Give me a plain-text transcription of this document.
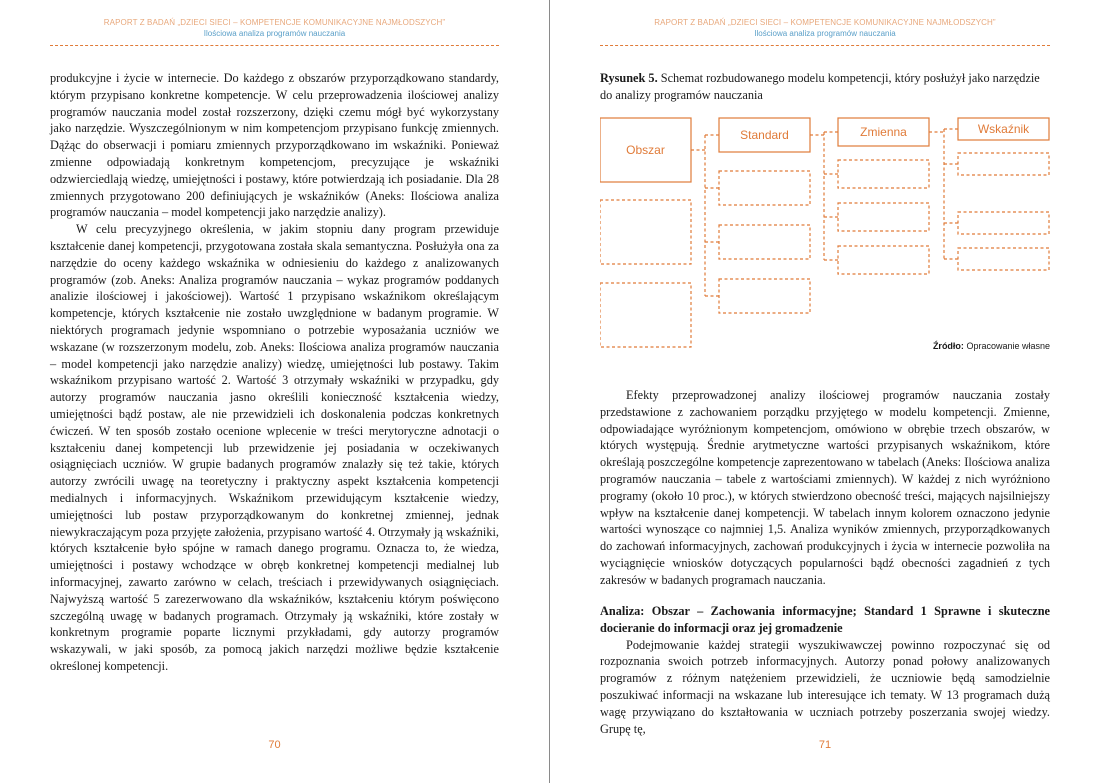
RAPORT Z BADAŃ „DZIECI SIECI – KOMPETENCJE KOMUNIKACYJNE NAJMŁODSZYCH”
Ilościowa analiza programów nauczania

produkcyjne i życie w internecie. Do każdego z obszarów przyporządkowano standardy, którym przypisano konkretne kompetencje. W celu przeprowadzenia ilościowej analizy programów nauczania model został rozszerzony, dzięki czemu mógł być wykorzystany jako narzędzie. Wyszczególnionym w nim kompetencjom przypisano funkcję zmiennych. Dążąc do obserwacji i pomiaru zmiennych przyporządkowano im wskaźniki. Ponieważ zmienne odpowiadają konkretnym kompetencjom, precyzujące je wskaźniki odzwierciedlają wiedzę, umiejętności i postawy, które potwierdzają ich posiadanie. Dla 28 zmiennych przygotowano 200 definiujących je wskaźników (Aneks: Ilościowa analiza programów nauczania – model kompetencji jako narzędzie analizy).

W celu precyzyjnego określenia, w jakim stopniu dany program przewiduje kształcenie danej kompetencji, przygotowana została skala semantyczna. Posłużyła ona za narzędzie do oceny każdego wskaźnika w odniesieniu do każdego z analizowanych programów (zob. Aneks: Analiza programów nauczania – wykaz programów poddanych analizie ilościowej i jakościowej). Wartość 1 przypisano wskaźnikom określającym kompetencje, których kształcenie nie zostało uwzględnione w badanym programie. W niektórych programach jedynie wspomniano o potrzebie wyposażania uczniów we wskazane (w rozszerzonym modelu, zob. Aneks: Ilościowa analiza programów nauczania – model kompetencji jako narzędzie analizy) wiedzę, umiejętności lub postawy. Takim wskaźnikom przypisano wartość 2. Wartość 3 otrzymały wskaźniki w przypadku, gdy autorzy programów nauczania jasno określili konieczność kształcenia wiedzy, umiejętności bądź postaw, ale nie przewidzieli ich doskonalenia podczas konkretnych ćwiczeń. W ten sposób zostało ocenione wplecenie w treści merytoryczne adnotacji o kształceniu danej kompetencji lub przewidzenie jej posiadania w oczekiwanych osiągnięciach uczniów. W grupie badanych programów znalazły się też takie, których autorzy zwrócili uwagę na teoretyczny i praktyczny aspekt kształcenia kompetencji medialnych i informacyjnych. Wskaźnikom przewidującym kształcenie wiedzy, umiejętności lub postaw przyporządkowanym do konkretnej zmiennej, jednak niewykraczającym poza przyjęte założenia, przypisano wartość 4. Otrzymały ją wskaźniki, których kształcenie było spójne w ramach danego programu. Oznacza to, że wiedza, umiejętności i postawy wchodzące w obręb konkretnej kompetencji medialnej lub informacyjnej, zawarto zarówno w celach, treściach i przewidywanych osiągnięciach. Najwyższą wartość 5 zarezerwowano dla wskaźników, kształceniu którym poświęcono szczególną uwagę w badanych programach. Otrzymały ją wskaźniki, które zostały w konkretnym programie poparte licznymi przykładami, gdy autorzy programów wskazywali, w jaki sposób, za pomocą jakich narzędzi możliwe będzie kształcenie określonej kompetencji.

70
RAPORT Z BADAŃ „DZIECI SIECI – KOMPETENCJE KOMUNIKACYJNE NAJMŁODSZYCH”
Ilościowa analiza programów nauczania
Rysunek 5. Schemat rozbudowanego modelu kompetencji, który posłużył jako narzędzie do analizy programów nauczania
Obszar
Standard	Zmienna	Wskaźnik
Źródło: Opracowanie własne

Efekty przeprowadzonej analizy ilościowej programów nauczania zostały przedstawione z zachowaniem porządku przyjętego w modelu kompetencji. Zmienne, odpowiadające wyróżnionym kompetencjom, omówiono w obrębie trzech obszarów, w których występują. Średnie arytmetyczne wartości przypisanych wskaźnikom, które określają poszczególne kompetencje zaprezentowano w tabelach (Aneks: Ilościowa analiza programów nauczania – tabele z wartościami zmiennych). W każdej z nich wyróżniono programy (około 10 proc.), w których stwierdzono obecność treści, mających najsilniejszy wpływ na kształcenie danej kompetencji. W tabelach innym kolorem oznaczono jedynie wartości wynoszące co najmniej 1,5. Analiza wyników zmiennych, przyporządkowanych do zachowań informacyjnych, zachowań produkcyjnych i życia w internecie pozwoliła na wyciągnięcie wniosków dotyczących popularności bądź obecności zagadnień z tych zakresów w badanych programach nauczania.

Analiza: Obszar – Zachowania informacyjne; Standard 1 Sprawne i skuteczne docieranie do informacji oraz jej gromadzenie

Podejmowanie każdej strategii wyszukiwawczej powinno rozpoczynać się od rozpoznania swoich potrzeb informacyjnych. Autorzy ponad połowy analizowanych programów z różnym natężeniem przewidzieli, że uczniowie będą samodzielnie poszukiwać informacji na wskazane lub interesujące ich tematy. W 13 programach dużą wagę przywiązano do kształtowania w uczniach potrzeby poszerzania swojej wiedzy. Grupę tę,

71
